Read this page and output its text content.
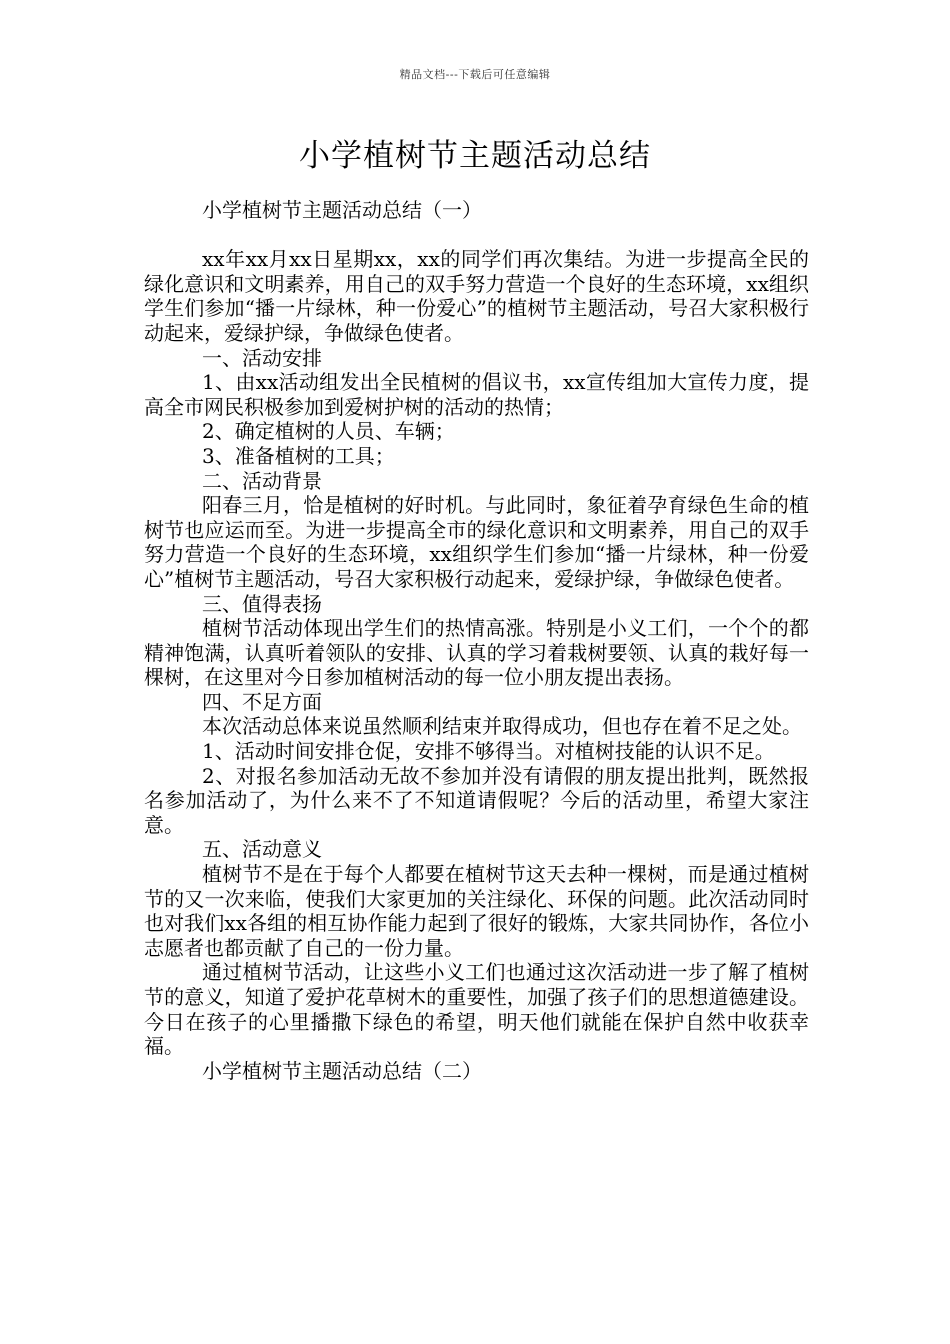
精品文档---下载后可任意编辑
小学植树节主题活动总结

小学植树节主题活动总结（一）

xx年xx月xx日星期xx，xx的同学们再次集结。为进一步提高全民的绿化意识和文明素养，用自己的双手努力营造一个良好的生态环境，xx组织学生们参加“播一片绿林，种一份爱心”的植树节主题活动，号召大家积极行动起来，爱绿护绿，争做绿色使者。

一、活动安排

1、由xx活动组发出全民植树的倡议书，xx宣传组加大宣传力度，提高全市网民积极参加到爱树护树的活动的热情；

2、确定植树的人员、车辆；

3、准备植树的工具；

二、活动背景

阳春三月，恰是植树的好时机。与此同时，象征着孕育绿色生命的植树节也应运而至。为进一步提高全市的绿化意识和文明素养，用自己的双手努力营造一个良好的生态环境，xx组织学生们参加“播一片绿林，种一份爱心”植树节主题活动，号召大家积极行动起来，爱绿护绿，争做绿色使者。

三、值得表扬

植树节活动体现出学生们的热情高涨。特别是小义工们，一个个的都精神饱满，认真听着领队的安排、认真的学习着栽树要领、认真的栽好每一棵树，在这里对今日参加植树活动的每一位小朋友提出表扬。

四、不足方面

本次活动总体来说虽然顺利结束并取得成功，但也存在着不足之处。

1、活动时间安排仓促，安排不够得当。对植树技能的认识不足。

2、对报名参加活动无故不参加并没有请假的朋友提出批判，既然报名参加活动了，为什么来不了不知道请假呢？今后的活动里，希望大家注意。

五、活动意义

植树节不是在于每个人都要在植树节这天去种一棵树，而是通过植树节的又一次来临，使我们大家更加的关注绿化、环保的问题。此次活动同时也对我们xx各组的相互协作能力起到了很好的锻炼，大家共同协作，各位小志愿者也都贡献了自己的一份力量。

通过植树节活动，让这些小义工们也通过这次活动进一步了解了植树节的意义，知道了爱护花草树木的重要性，加强了孩子们的思想道德建设。今日在孩子的心里播撒下绿色的希望，明天他们就能在保护自然中收获幸福。

小学植树节主题活动总结（二）
